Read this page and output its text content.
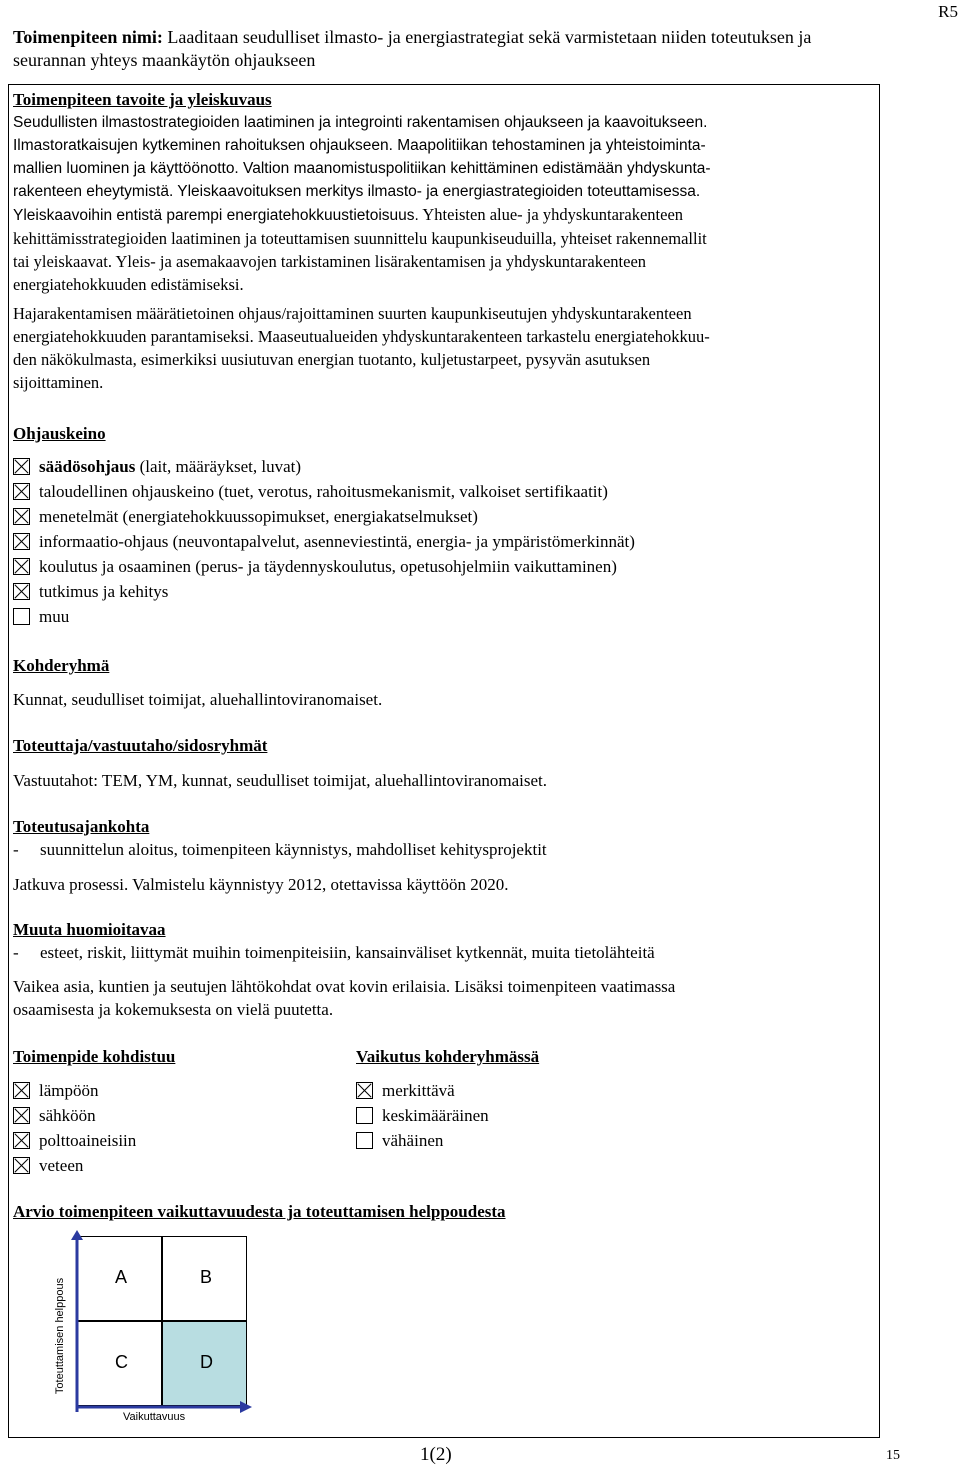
R5
Toimenpiteen nimi: Laaditaan seudulliset ilmasto- ja energiastrategiat sekä varmistetaan niiden toteutuksen ja seurannan yhteys maankäytön ohjaukseen
Toimenpiteen tavoite ja yleiskuvaus
Seudullisten ilmastostrategioiden laatiminen ja integrointi rakentamisen ohjaukseen ja kaavoitukseen.
Ilmastoratkaisujen kytkeminen rahoituksen ohjaukseen. Maapolitiikan tehostaminen ja yhteistoiminta-
mallien luominen ja käyttöönotto. Valtion maanomistuspolitiikan kehittäminen edistämään yhdyskunta-
rakenteen eheytymistä. Yleiskaavoituksen merkitys ilmasto- ja energiastrategioiden toteuttamisessa.
Yleiskaavoihin entistä parempi energiatehokkuustietoisuus. Yhteisten alue- ja yhdyskuntarakenteen
kehittämisstrategioiden laatiminen ja toteuttamisen suunnittelu kaupunkiseuduilla, yhteiset rakennemallit
tai yleiskaavat. Yleis- ja asemakaavojen tarkistaminen lisärakentamisen ja yhdyskuntarakenteen
energiatehokkuuden edistämiseksi.
Hajarakentamisen määrätietoinen ohjaus/rajoittaminen suurten kaupunkiseutujen yhdyskuntarakenteen
energiatehokkuuden parantamiseksi. Maaseutualueiden yhdyskuntarakenteen tarkastelu energiatehokkuu-
den näkökulmasta, esimerkiksi uusiutuvan energian tuotanto, kuljetustarpeet, pysyvän asutuksen
sijoittaminen.
Ohjauskeino
säädösohjaus (lait, määräykset, luvat)
taloudellinen ohjauskeino (tuet, verotus, rahoitusmekanismit, valkoiset sertifikaatit)
menetelmät (energiatehokkuussopimukset, energiakatselmukset)
informaatio-ohjaus (neuvontapalvelut, asenneviestintä, energia- ja ympäristömerkinnät)
koulutus ja osaaminen (perus- ja täydennyskoulutus, opetusohjelmiin vaikuttaminen)
tutkimus ja kehitys
muu
Kohderyhmä
Kunnat, seudulliset toimijat, aluehallintoviranomaiset.
Toteuttaja/vastuutaho/sidosryhmät
Vastuutahot: TEM, YM, kunnat, seudulliset toimijat, aluehallintoviranomaiset.
Toteutusajankohta
-	suunnittelun aloitus, toimenpiteen käynnistys, mahdolliset kehitysprojektit
Jatkuva prosessi. Valmistelu käynnistyy 2012, otettavissa käyttöön 2020.
Muuta huomioitavaa
-	esteet, riskit, liittymät muihin toimenpiteisiin, kansainväliset kytkennät, muita tietolähteitä
Vaikea asia, kuntien ja seutujen lähtökohdat ovat kovin erilaisia. Lisäksi toimenpiteen vaatimassa
osaamisesta ja kokemuksesta on vielä puutetta.
Toimenpide kohdistuu
lämpöön
sähköön
polttoaineisiin
veteen
Vaikutus kohderyhmässä
merkittävä
keskimääräinen
vähäinen
Arvio toimenpiteen vaikuttavuudesta ja toteuttamisen helppoudesta
Toteuttamisen helppous
A	B
C	D
Vaikuttavuus
1(2)	15
